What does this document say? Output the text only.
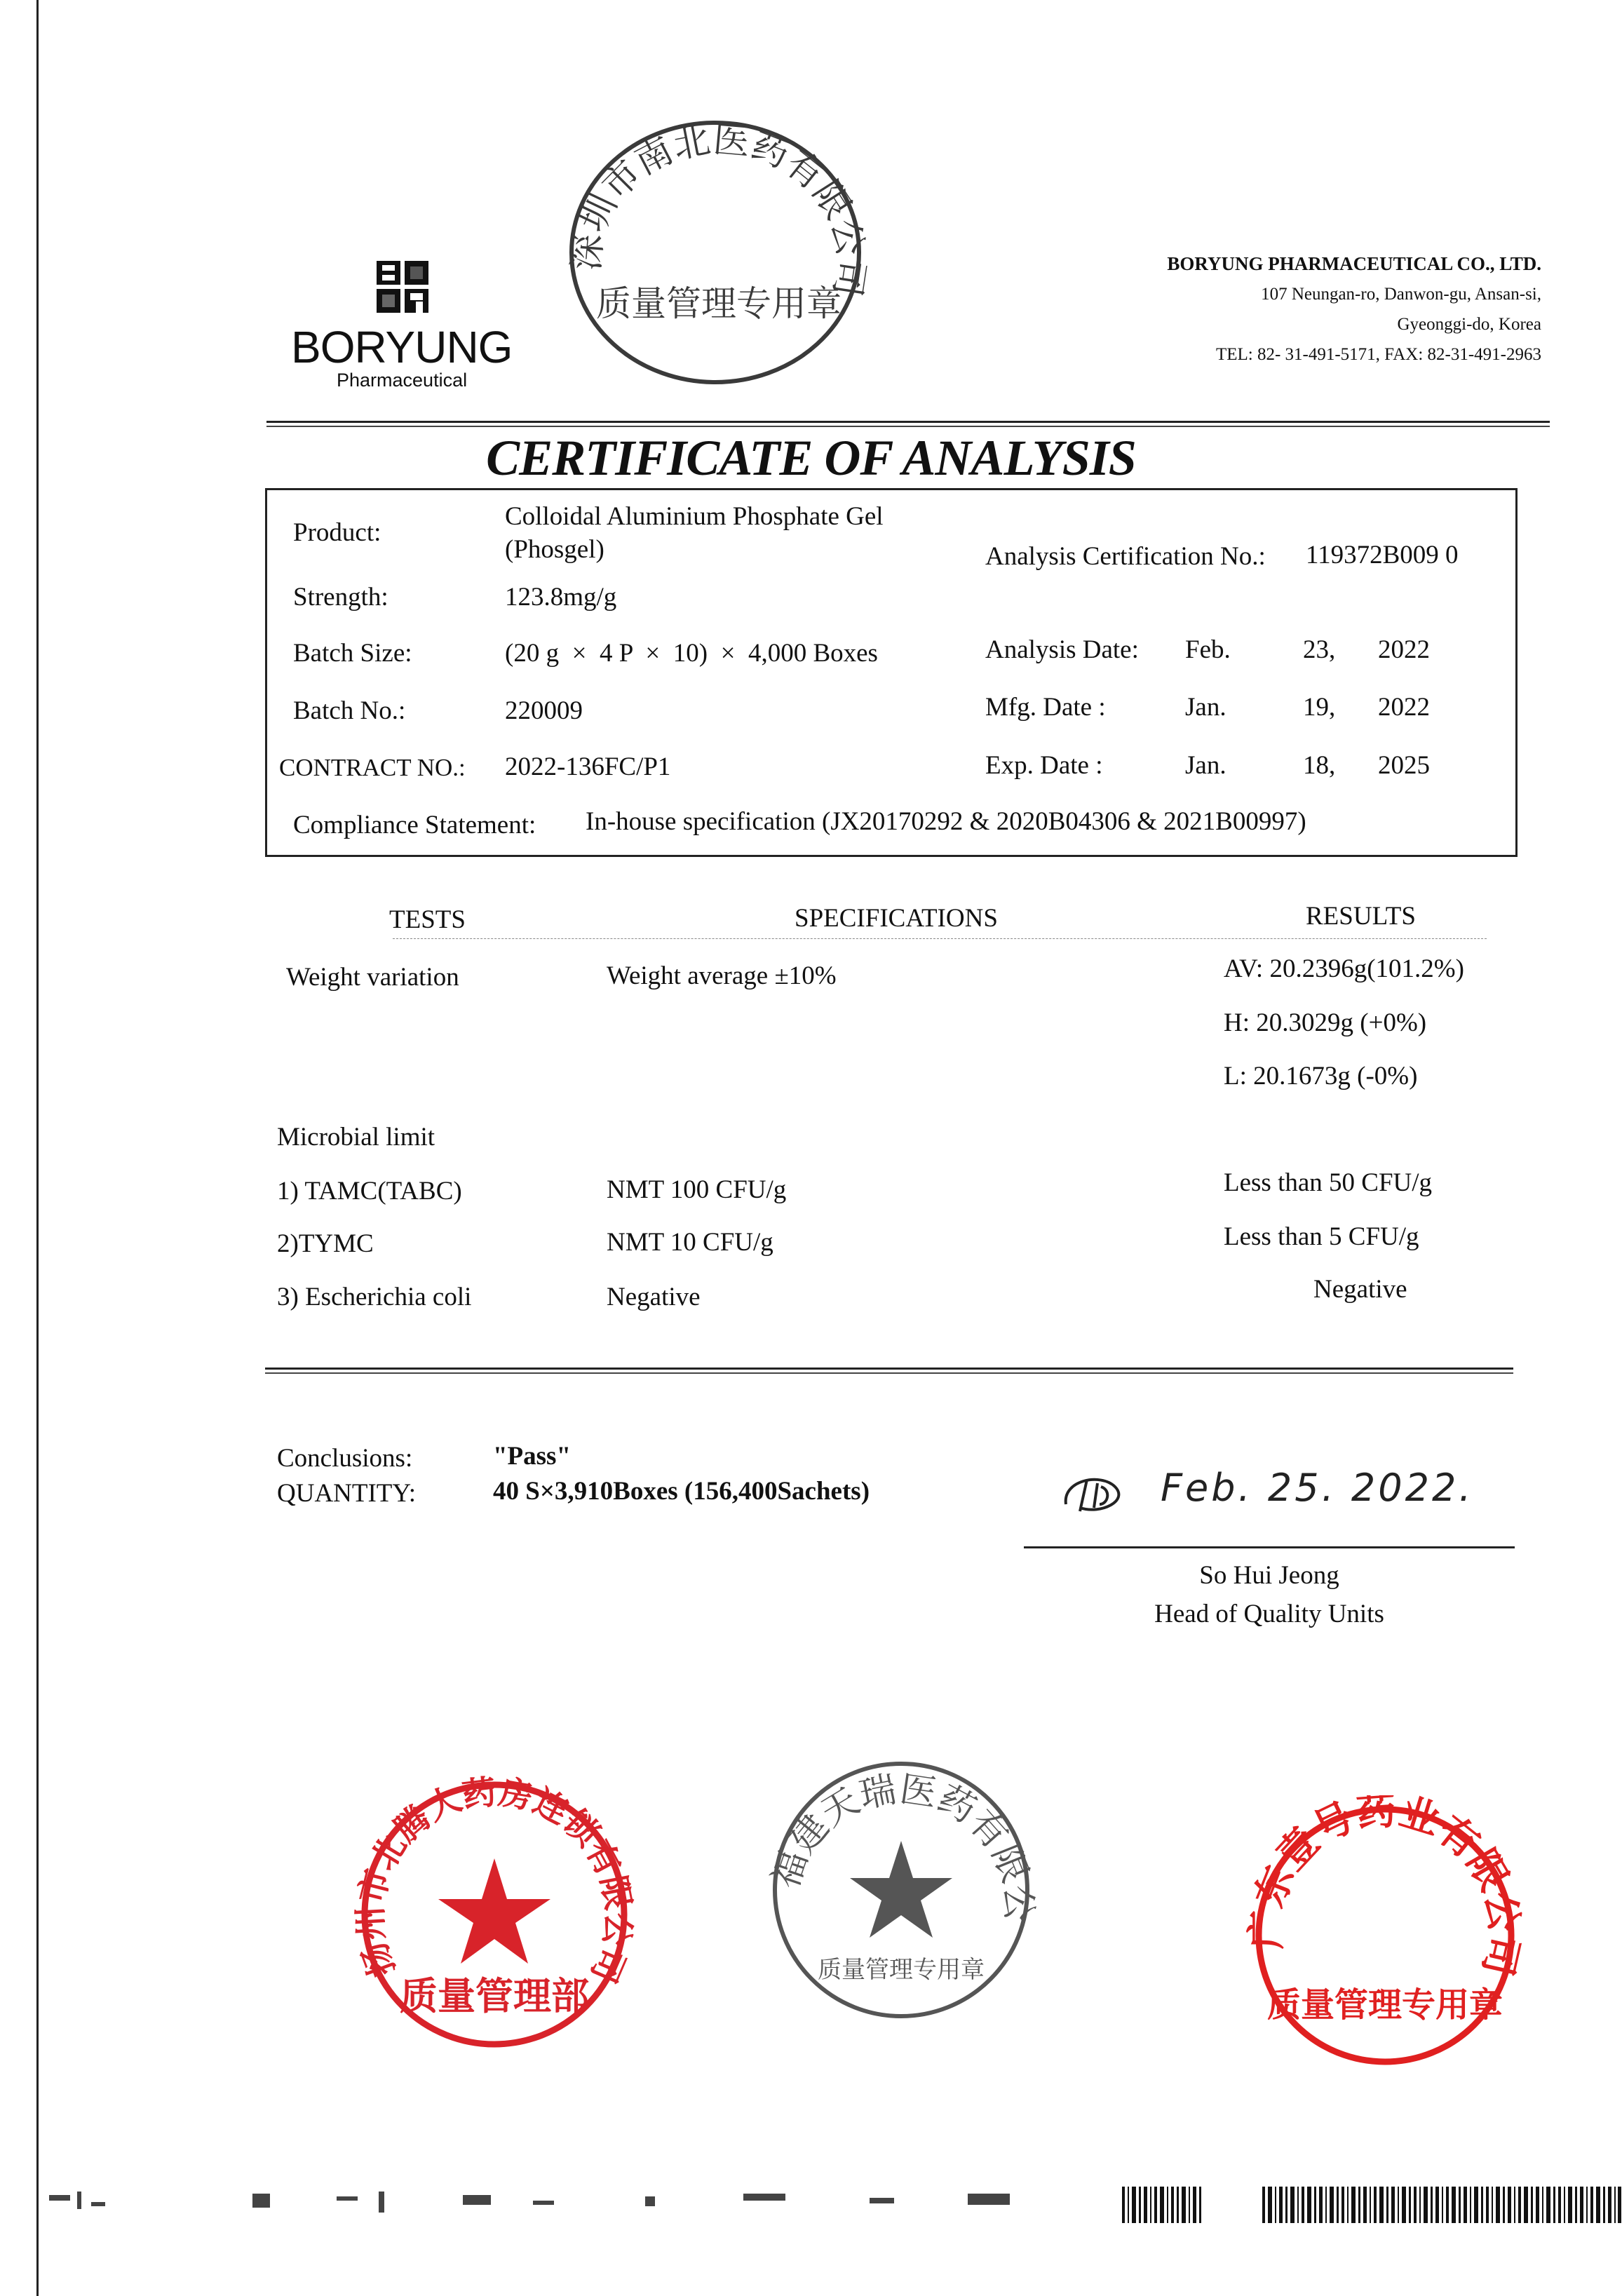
BORYUNG
Pharmaceutical
BORYUNG PHARMACEUTICAL CO., LTD.
107 Neungan-ro, Danwon-gu, Ansan-si,
Gyeonggi-do, Korea
TEL: 82- 31-491-5171, FAX: 82-31-491-2963
深圳市南北医药有限公司
质量管理专用章
CERTIFICATE OF ANALYSIS
Product:
Colloidal Aluminium Phosphate Gel
(Phosgel)
Strength:	123.8mg/g
Batch Size:	(20 g  ×  4 P  ×  10)  ×  4,000 Boxes
Batch No.:	220009
CONTRACT NO.: 2022-136FC/P1
Compliance Statement: In-house specification (JX20170292 & 2020B04306 & 2021B00997)
Analysis Certification No.: 119372B009 0
Analysis Date: Feb.	23, 2022
Mfg. Date :	Jan.	19, 2022
Exp. Date :	Jan.	18, 2025
TESTS	SPECIFICATIONS	RESULTS
Weight variation	Weight average ±10%	AV: 20.2396g(101.2%)
H: 20.3029g (+0%)
L: 20.1673g (-0%)
Microbial limit
1) TAMC(TABC)	NMT 100 CFU/g	Less than 50 CFU/g
2)TYMC	NMT 10 CFU/g	Less than 5 CFU/g
3) Escherichia coli	Negative	Negative
Conclusions:	"Pass"
QUANTITY:	40 S×3,910Boxes (156,400Sachets)	Feb. 25. 2022.
So Hui Jeong
Head of Quality Units
扬州市北腾大药房连锁有限公司
质量管理部
福建天瑞医药有限公
质量管理专用章
广东壹号药业有限公司
质量管理专用章
